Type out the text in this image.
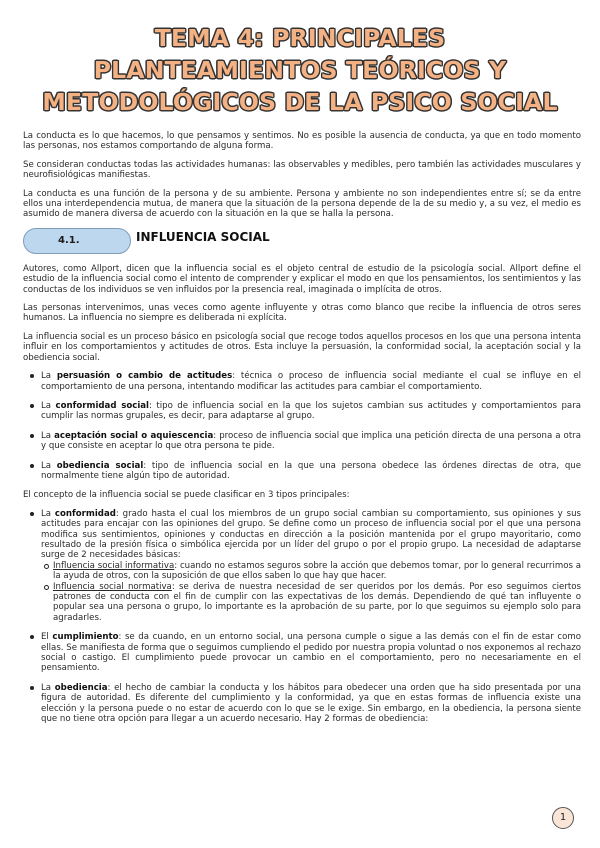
TEMA 4: PRINCIPALES
PLANTEAMIENTOS TEÓRICOS Y
METODOLÓGICOS DE LA PSICO SOCIAL

La conducta es lo que hacemos, lo que pensamos y sentimos. No es posible la ausencia de conducta, ya que en todo momento las personas, nos estamos comportando de alguna forma.

Se consideran conductas todas las actividades humanas: las observables y medibles, pero también las actividades musculares y neurofisiológicas manifiestas.

La conducta es una función de la persona y de su ambiente. Persona y ambiente no son independientes entre sí; se da entre ellos una interdependencia mutua, de manera que la situación de la persona depende de la de su medio y, a su vez, el medio es asumido de manera diversa de acuerdo con la situación en la que se halla la persona.

4.1.	INFLUENCIA SOCIAL

Autores, como Allport, dicen que la influencia social es el objeto central de estudio de la psicología social. Allport define el estudio de la influencia social como el intento de comprender y explicar el modo en que los pensamientos, los sentimientos y las conductas de los individuos se ven influidos por la presencia real, imaginada o implícita de otros.

Las personas intervenimos, unas veces como agente influyente y otras como blanco que recibe la influencia de otros seres humanos. La influencia no siempre es deliberada ni explícita.

La influencia social es un proceso básico en psicología social que recoge todos aquellos procesos en los que una persona intenta influir en los comportamientos y actitudes de otros. Esta incluye la persuasión, la conformidad social, la aceptación social y la obediencia social.

La persuasión o cambio de actitudes: técnica o proceso de influencia social mediante el cual se influye en el comportamiento de una persona, intentando modificar las actitudes para cambiar el comportamiento.
La conformidad social: tipo de influencia social en la que los sujetos cambian sus actitudes y comportamientos para cumplir las normas grupales, es decir, para adaptarse al grupo.
La aceptación social o aquiescencia: proceso de influencia social que implica una petición directa de una persona a otra y que consiste en aceptar lo que otra persona te pide.
La obediencia social: tipo de influencia social en la que una persona obedece las órdenes directas de otra, que normalmente tiene algún tipo de autoridad.

El concepto de la influencia social se puede clasificar en 3 tipos principales:

La conformidad: grado hasta el cual los miembros de un grupo social cambian su comportamiento, sus opiniones y sus actitudes para encajar con las opiniones del grupo. Se define como un proceso de influencia social por el que una persona modifica sus sentimientos, opiniones y conductas en dirección a la posición mantenida por el grupo mayoritario, como resultado de la presión física o simbólica ejercida por un líder del grupo o por el propio grupo. La necesidad de adaptarse surge de 2 necesidades básicas:
Influencia social informativa: cuando no estamos seguros sobre la acción que debemos tomar, por lo general recurrimos a la ayuda de otros, con la suposición de que ellos saben lo que hay que hacer.
Influencia social normativa: se deriva de nuestra necesidad de ser queridos por los demás. Por eso seguimos ciertos patrones de conducta con el fin de cumplir con las expectativas de los demás. Dependiendo de qué tan influyente o popular sea una persona o grupo, lo importante es la aprobación de su parte, por lo que seguimos su ejemplo solo para agradarles.
El cumplimiento: se da cuando, en un entorno social, una persona cumple o sigue a las demás con el fin de estar como ellas. Se manifiesta de forma que o seguimos cumpliendo el pedido por nuestra propia voluntad o nos exponemos al rechazo social o castigo. El cumplimiento puede provocar un cambio en el comportamiento, pero no necesariamente en el pensamiento.
La obediencia: el hecho de cambiar la conducta y los hábitos para obedecer una orden que ha sido presentada por una figura de autoridad. Es diferente del cumplimiento y la conformidad, ya que en estas formas de influencia existe una elección y la persona puede o no estar de acuerdo con lo que se le exige. Sin embargo, en la obediencia, la persona siente que no tiene otra opción para llegar a un acuerdo necesario. Hay 2 formas de obediencia:
1
